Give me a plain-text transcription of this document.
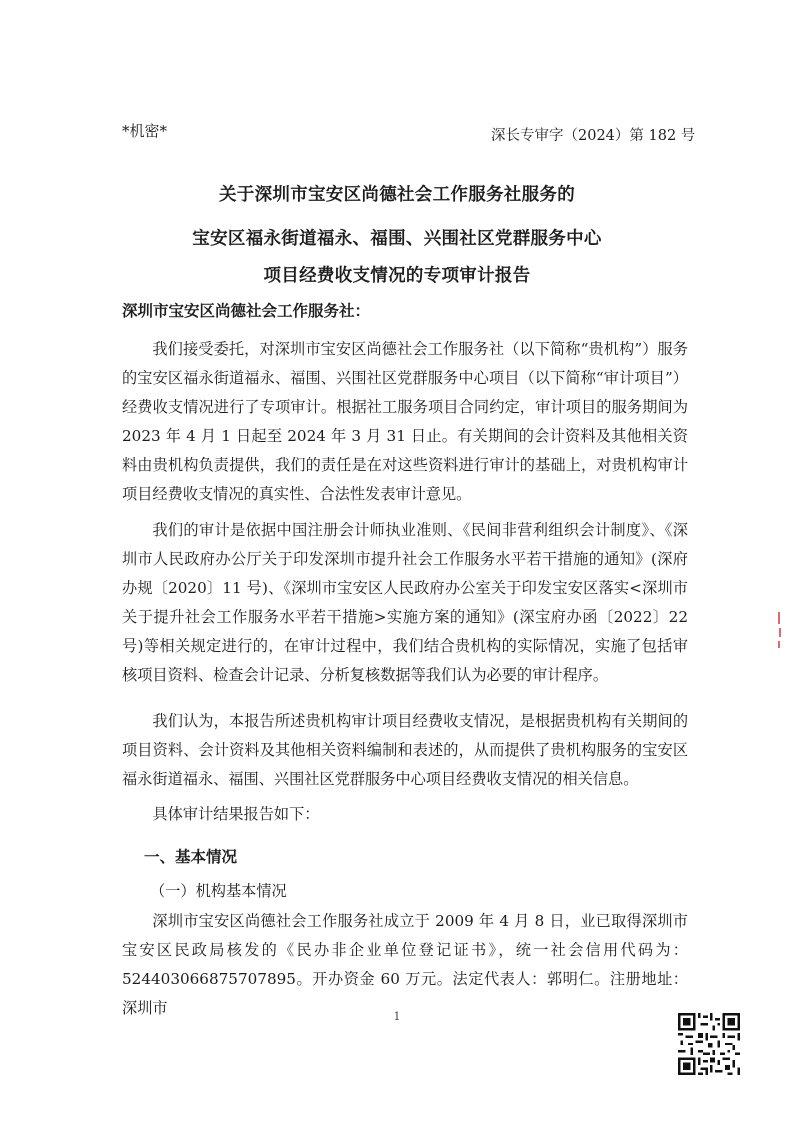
*机密*	深长专审字（2024）第 182 号
关于深圳市宝安区尚德社会工作服务社服务的
宝安区福永街道福永、福围、兴围社区党群服务中心
项目经费收支情况的专项审计报告
深圳市宝安区尚德社会工作服务社：

我们接受委托，对深圳市宝安区尚德社会工作服务社（以下简称“贵机构”）服务的宝安区福永街道福永、福围、兴围社区党群服务中心项目（以下简称“审计项目”）经费收支情况进行了专项审计。根据社工服务项目合同约定，审计项目的服务期间为 2023 年 4 月 1 日起至 2024 年 3 月 31 日止。有关期间的会计资料及其他相关资料由贵机构负责提供，我们的责任是在对这些资料进行审计的基础上，对贵机构审计项目经费收支情况的真实性、合法性发表审计意见。

我们的审计是依据中国注册会计师执业准则、《民间非营利组织会计制度》、《深圳市人民政府办公厅关于印发深圳市提升社会工作服务水平若干措施的通知》(深府办规〔2020〕11 号)、《深圳市宝安区人民政府办公室关于印发宝安区落实<深圳市关于提升社会工作服务水平若干措施>实施方案的通知》(深宝府办函〔2022〕22 号)等相关规定进行的，在审计过程中，我们结合贵机构的实际情况，实施了包括审核项目资料、检查会计记录、分析复核数据等我们认为必要的审计程序。

我们认为，本报告所述贵机构审计项目经费收支情况，是根据贵机构有关期间的项目资料、会计资料及其他相关资料编制和表述的，从而提供了贵机构服务的宝安区福永街道福永、福围、兴围社区党群服务中心项目经费收支情况的相关信息。

具体审计结果报告如下：

一、基本情况
（一）机构基本情况

深圳市宝安区尚德社会工作服务社成立于 2009 年 4 月 8 日，业已取得深圳市宝安区民政局核发的《民办非企业单位登记证书》，统一社会信用代码为：524403066875707895。开办资金 60 万元。法定代表人：郭明仁。注册地址：深圳市	1
